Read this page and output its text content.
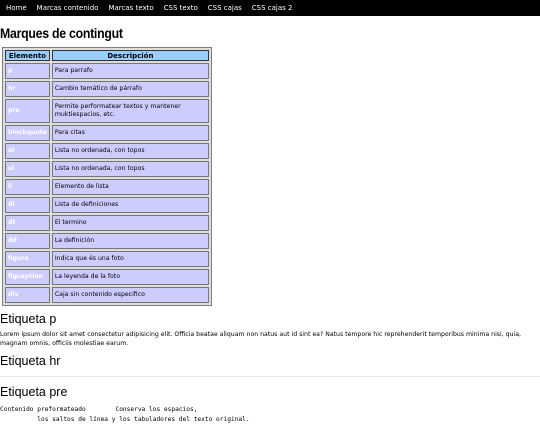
Home	Marcas contenido	Marcas texto	CSS texto	CSS cajas	CSS cajas 2
Marques de contingut
Elemento	Descripción
p	Para parrafo
hr	Cambio temático de párrafo
pre	Permite performatear textos y mantener muktiespacios, etc.
blockquote	Para citas
ol	Lista no ordenada, con topos
ul	Lista no ordenada, con topos
li	Elemento de lista
dl	Lista de definiciones
dt	El termino
dd	La definición
figure	Indica que és una foto
figcaption	La leyenda de la foto
div	Caja sin contenido especifico
Etiqueta p

Lorem ipsum dolor sit amet consectetur adipisicing elit. Officia beatae aliquam non natus aut id sint ea? Natus tempore hic reprehenderit temporibus minima nisi, quia, magnam omnis, officiis molestiae earum.

Etiqueta hr
Etiqueta pre
Contenido preformateado        Conserva los espacios,
los saltos de línea y los tabuladores del texto original.
